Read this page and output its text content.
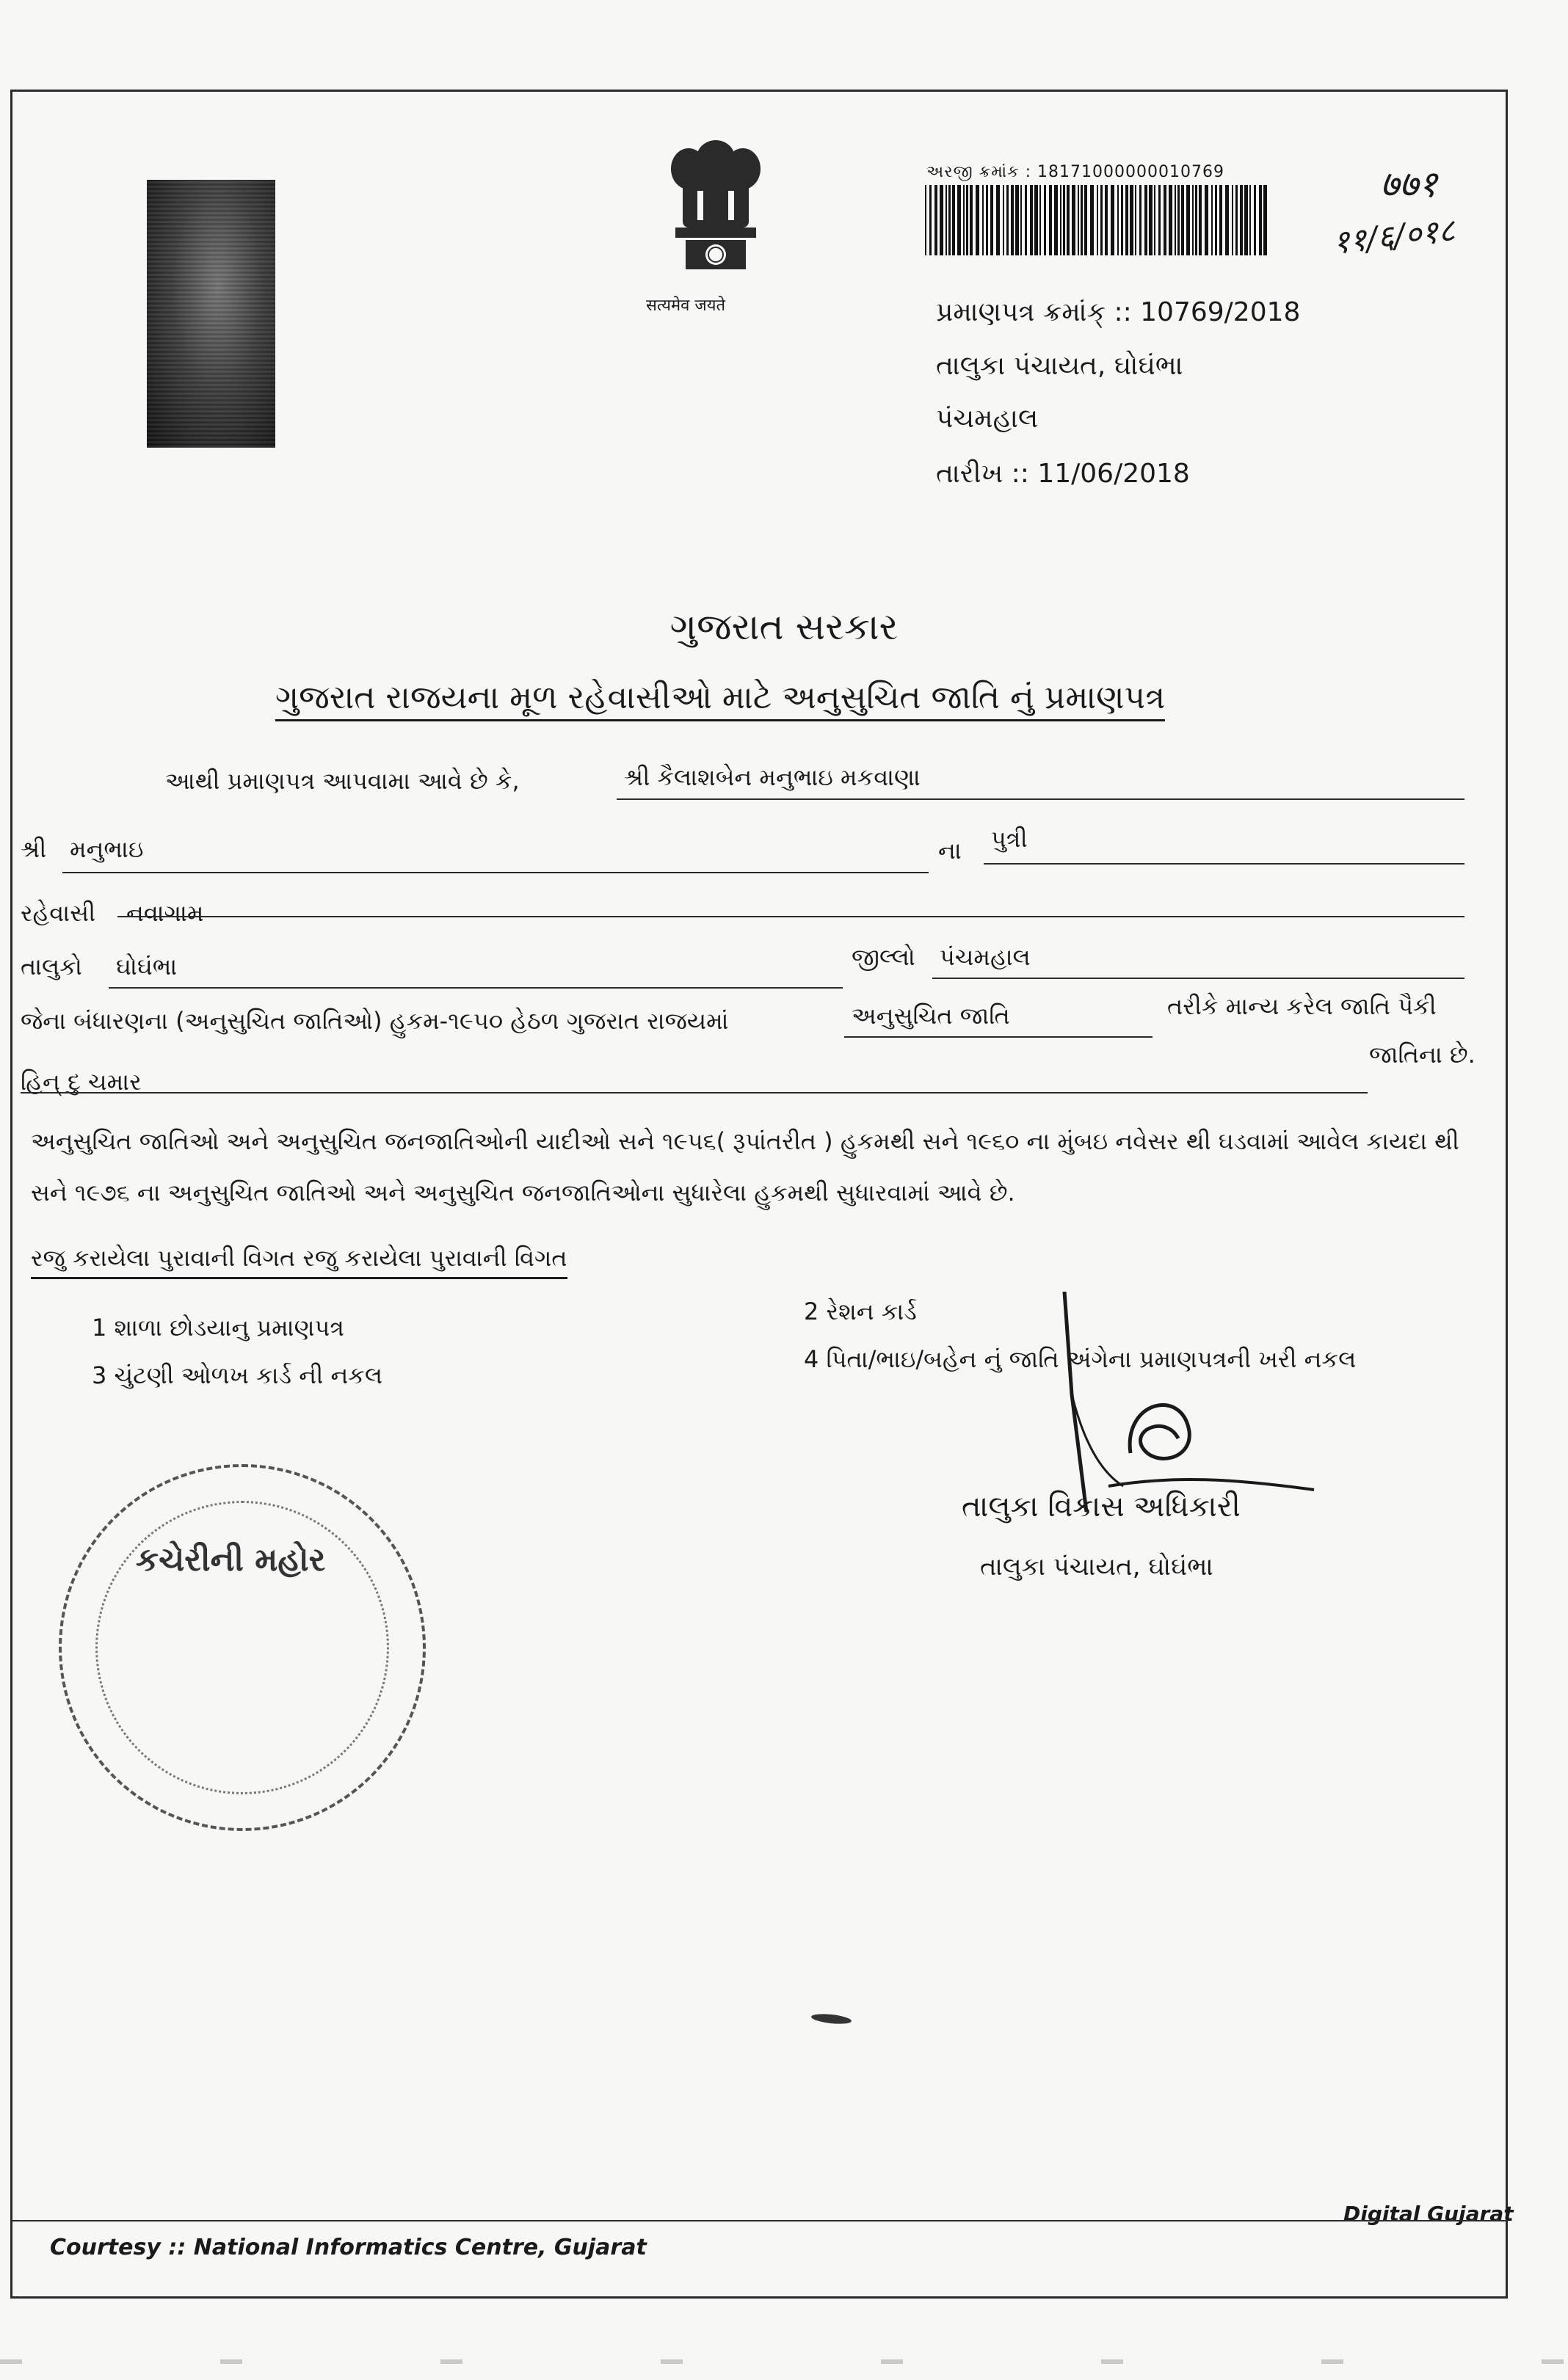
सत्यमेव जयते
અરજી ક્રમાંક : 18171000000010769	७७१
११/६/०१८
પ્રમાણપત્ર ક્રમાંક્ :: 10769/2018
તાલુકા પંચાયત, ઘોઘંભા
પંચમહાલ
તારીખ :: 11/06/2018
ગુજરાત સરકાર
ગુજરાત રાજયના મૂળ રહેવાસીઓ માટે અનુસુચિત જાતિ નું પ્રમાણપત્ર
આથી પ્રમાણપત્ર આપવામા આવે છે કે,	શ્રી કૈલાશબેન મનુભાઇ મકવાણા
શ્રી મનુભાઇ	ના પુત્રી
રહેવાસી નવાગામ
તાલુકો ઘોઘંભા	જીલ્લો પંચમહાલ
જેના બંધારણના (અનુસુચિત જાતિઓ) હુકમ-૧૯૫૦ હેઠળ ગુજરાત રાજયમાં	અનુસુચિત જાતિ	તરીકે માન્ય કરેલ જાતિ પૈકી
જાતિના છે.
હિન્ દુ ચમાર
અનુસુચિત જાતિઓ અને અનુસુચિત જનજાતિઓની યાદીઓ સને ૧૯૫૬( રૂપાંતરીત ) હુકમથી સને ૧૯૬૦ ના મુંબઇ નવેસર થી ઘડવામાં આવેલ કાયદા થી સને ૧૯૭૬ ના અનુસુચિત જાતિઓ અને અનુસુચિત જનજાતિઓના સુધારેલા હુકમથી સુધારવામાં આવે છે.
રજુ કરાયેલા પુરાવાની વિગત રજુ કરાયેલા પુરાવાની વિગત
1 શાળા છોડયાનુ પ્રમાણપત્ર
2 રેશન કાર્ડ
3 ચુંટણી ઓળખ કાર્ડ ની નકલ
4 પિતા/ભાઇ/બહેન નું જાતિ અંગેના પ્રમાણપત્રની ખરી નકલ
કચેરીની મહોર
તાલુકા વિકાસ અધિકારી
તાલુકા પંચાયત, ઘોઘંભા
Digital Gujarat
Courtesy :: National Informatics Centre, Gujarat
